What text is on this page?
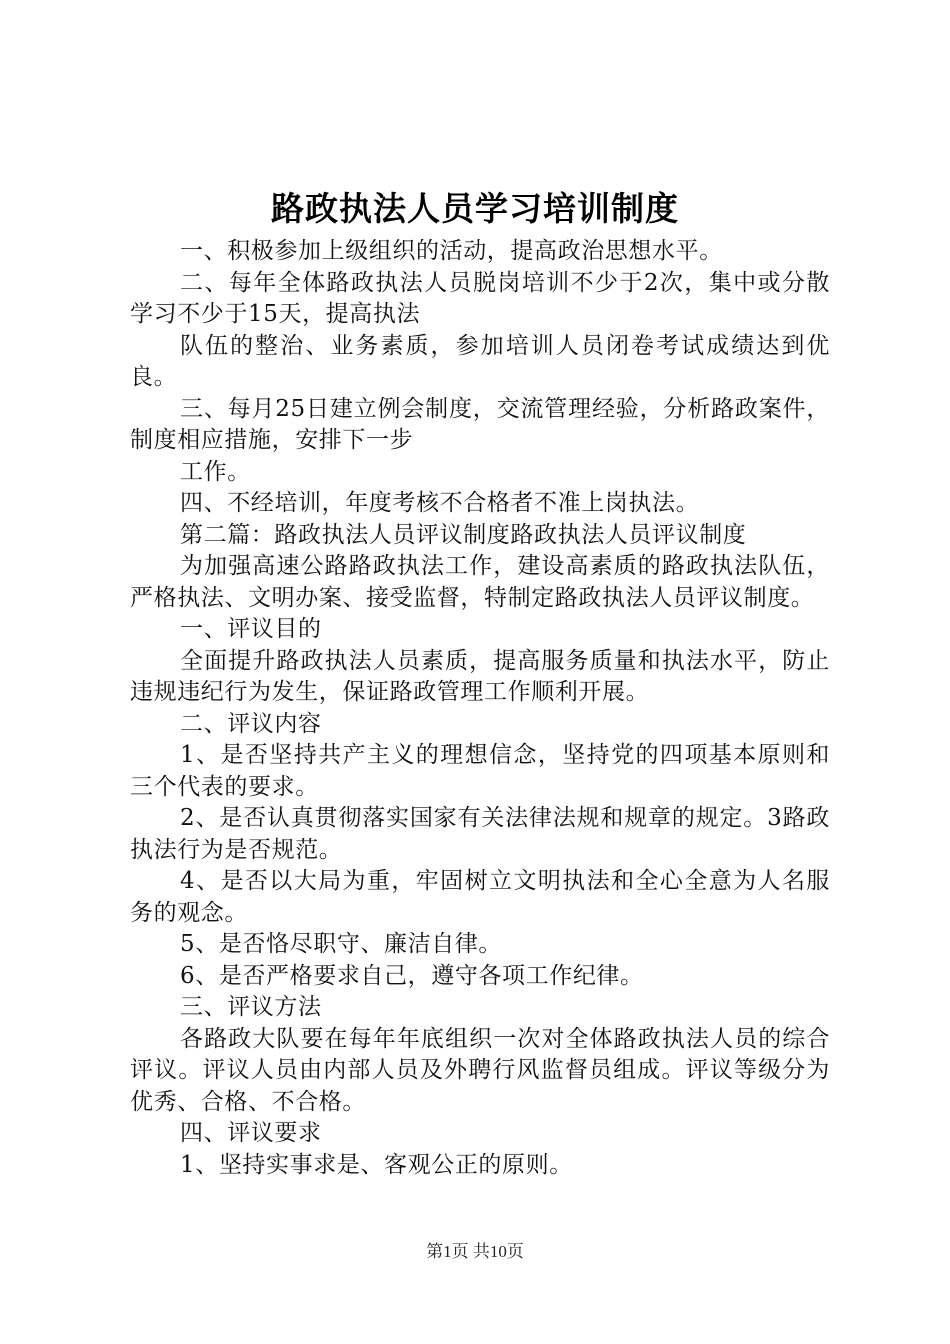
路政执法人员学习培训制度

一、积极参加上级组织的活动，提高政治思想水平。

二、每年全体路政执法人员脱岗培训不少于2次，集中或分散学习不少于15天，提高执法

队伍的整治、业务素质，参加培训人员闭卷考试成绩达到优良。

三、每月25日建立例会制度，交流管理经验，分析路政案件，制度相应措施，安排下一步

工作。

四、不经培训，年度考核不合格者不准上岗执法。

第二篇：路政执法人员评议制度路政执法人员评议制度

为加强高速公路路政执法工作，建设高素质的路政执法队伍，严格执法、文明办案、接受监督，特制定路政执法人员评议制度。

一、评议目的

全面提升路政执法人员素质，提高服务质量和执法水平，防止违规违纪行为发生，保证路政管理工作顺利开展。

二、评议内容

1、是否坚持共产主义的理想信念，坚持党的四项基本原则和三个代表的要求。

2、是否认真贯彻落实国家有关法律法规和规章的规定。3路政执法行为是否规范。

4、是否以大局为重，牢固树立文明执法和全心全意为人名服务的观念。

5、是否恪尽职守、廉洁自律。

6、是否严格要求自己，遵守各项工作纪律。

三、评议方法

各路政大队要在每年年底组织一次对全体路政执法人员的综合评议。评议人员由内部人员及外聘行风监督员组成。评议等级分为优秀、合格、不合格。

四、评议要求

1、坚持实事求是、客观公正的原则。

第1页 共10页
